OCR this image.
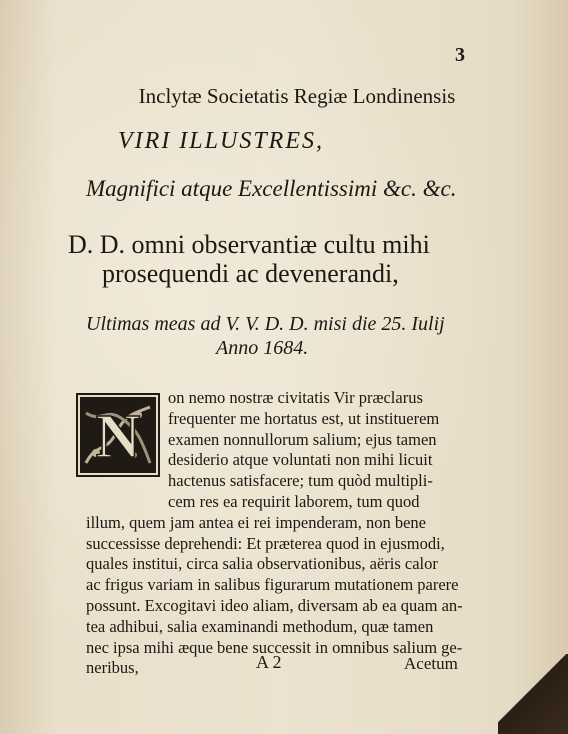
3
Inclytæ Societatis Regiæ Londinensis
VIRI ILLUSTRES,
Magnifici atque Excellentissimi &c. &c.
D. D. omni observantiæ cultu mihi
prosequendi ac devenerandi,
Ultimas meas ad V. V. D. D. misi die 25. Iulij
Anno 1684.
N
on nemo nostræ civitatis Vir præclarus
frequenter me hortatus est, ut instituerem
examen nonnullorum salium; ejus tamen
desiderio atque voluntati non mihi licuit
hactenus satisfacere; tum quòd multipli-
cem res ea requirit laborem, tum quod
illum, quem jam antea ei rei impenderam, non bene
successisse deprehendi: Et præterea quod in ejusmodi,
quales institui, circa salia observationibus, aëris calor
ac frigus variam in salibus figurarum mutationem parere
possunt. Excogitavi ideo aliam, diversam ab ea quam an-
tea adhibui, salia examinandi methodum, quæ tamen
nec ipsa mihi æque bene successit in omnibus salium ge-
neribus,	A 2	Acetum
